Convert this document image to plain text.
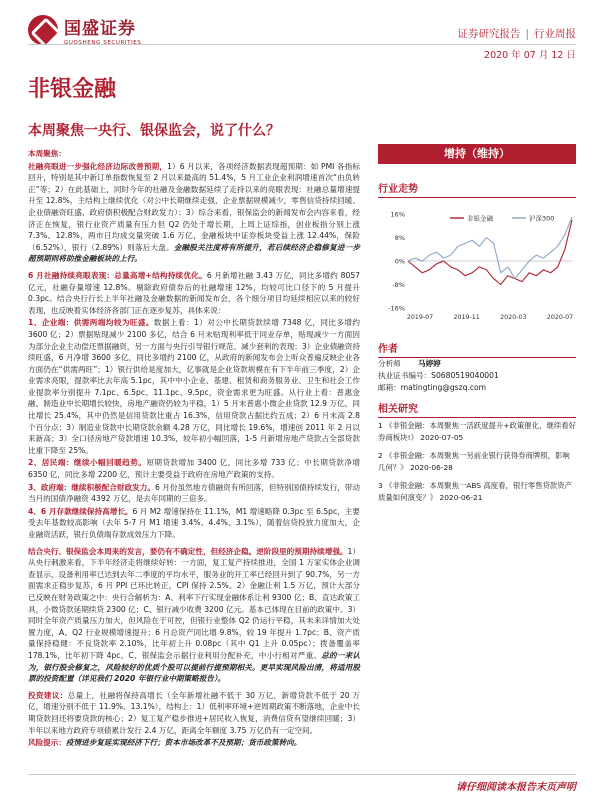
国盛证券
GUOSHENG SECURITIES
证券研究报告 | 行业周报
2020 年 07 月 12 日
非银金融
本周聚焦一央行、银保监会，说了什么？

本周聚焦：

社融亮眼进一步强化经济边际改善预期，1）6 月以来，各项经济数据表现超预期：如 PMI 各指标回升，特别是其中新订单指数恢复至 2 月以来最高的 51.4%，5 月工业企业利润增速首次“由负转正”等；2）在此基础上，同时今年的社融及金融数据延续了走持以来的亮眼表现：社融总量增速提升至 12.8%，主结构上继续优化（对公中长期继续走强、企业票据规模减少，零售信贷持续回暖、企业债融资旺盛、政府债积极配合财政发力）；3）综合来看，银保监会的新闻发布会内容来看，经济正在恢复，银行业资产质量有压力但 Q2 仍处于增长期，上周上证综指，创业板指分别上涨 7.3%、12.8%，两市日均成交量突破 1.6 万亿，金融板块中证券板块受益上涨 12.44%，保险（6.52%），银行（2.89%）则落后大盘。金融股关注度将有所提升，若后续经济企稳修复进一步超预期则将助推金融板块的上行。

6 月社融持续亮眼表现：总量高增+结构持续优化。6 月新增社融 3.43 万亿，同比多增约 8057 亿元，社融存量增速 12.8%。剔除政府债券后的社融增速 12%，均较可比口径下的 5 月提升 0.3pc。结合央行行长上半年社融及金融数据的新闻发布会，各个细分项目均延续相应以来的较好表现，也反映着实体经济各部门正在逐步复苏，具体来说：

1、企业端：供需两端均较为旺盛。数据上看：1）对公中长期贷款续增 7348 亿，同比多增约 3600 亿；2）票据贴现减少 2100 多亿，结合 6 月末贴现利率低于同业存单，贴现减少一方面因为部分企业主动偿还票据融资，另一方面与央行引导银行规范、减少套利的表现；3）企业债融资持续旺盛，6 月净增 3600 多亿，同比多增约 2100 亿，从政府的新闻发布会上听众普遍反映企业各方面仍在“供需两旺”；1）银行供给是度加大，亿事就是企业贷款规模在有下半年前三季度，2）企业需求亮眼，提款率比去年高 5.1pc，其中中小企业、基建、租赁和商务服务业、卫生和社会工作业提款率分别提升 7.1pc、6.5pc、11.1pc、9.5pc，资金需求更为旺盛。从行业上看：普惠金融、制造业中长期增长较快，房地产融资仍较为平稳，1）5 月末普惠小微企业贷款 12.9 万亿，同比增长 25.4%，其中仍然是信用贷款比重占 16.3%，信用贷款占据比约五成；2）6 月末高 2.8 个百分点；3）制造业贷款中长期贷款余额 4.28 万亿，同比增长 19.6%，增速创 2011 年 2 月以来新高；3）全口径房地产贷款增速 10.3%，较年初小幅回落，1-5 月新增房地产贷款占全部贷款比重下降至 25%。

2、居民端：继续小幅回暖趋势。短期贷款增加 3400 亿，同比多增 733 亿；中长期贷款净增 6350 亿，同比多增 2200 亿，预计主要受益于政府在房地产政策的支持。

3、政府端：继续积极配合财政发力。6 月份虽然地方债融资有所回落，但特别国债持续发行，带动当月的国债净融资 4392 万亿，是去年同期的三倍多。

4、6 月存款继续保持高增长。6 月 M2 增速保持在 11.1%，M1 增速略降 0.3pc 至 6.5pc，主要受去年基数较高影响（去年 5-7 月 M1 增速 3.4%、4.4%、3.1%），随着信贷投放力度加大，企业融资活跃，银行负债端存款成效压力下降。

结合央行、银保监会本周来的发言，要仍有不确定性，但经济企稳。逆阶段里的预期持续增强。1）从央行刺激来看，下半年经济走将继续好转：一方面，复工复产持续推进，全国 1 万家实体企业调查显示，设备利用率已达到去年二季度的平均水平，服务业的开工率已经回升到了 90.7%，另一方面需求正稳步复苏，6 月 PPI 已环比转正，CPI 保持 2.5%。2）金融让利 1.5 万亿，预计大部分已反映在财务政策之中：央行合解析为：A、利率下行实现金融体系让利 9300 亿；B、直达政策工具，小微贷款延期续贷 2300 亿；C、银行减少收费 3200 亿元。基本已体现在目前的政策中。3）同时全年资产质量压力加大，但风险在于可控，但银行业整体 Q2 仍运行平稳，其未来详情加大处置力度，A、Q2 行业规模增速提升；6 月总资产同比增 9.8%，较 19 年提升 1.7pc；B、资产质量保持稳健：不良贷款率 2.10%，比年初上升 0.08pc（其中 Q1 上升 0.05pc）；拨备覆盖率 178.1%，比年初下降 4pc。C、银保监会示据行业利用分配补充，中小行相对严重。总的一来认为，银行股会修复之，风险较好的优质个股可以提前行提预期相关。更早实现风险出清，将适用股票的投资配置（详见我们 2020 年银行业中期策略报告）。

投资建议：总量上，社融将保持高增长（全年新增社融不低于 30 万亿，新增贷款不低于 20 万亿，增速分别不低于 11.9%、13.1%），结构上：1）低利率环境+逆周期政策不断落地，企业中长期贷款回还将要贷款的核心；2）复工复产稳步推进+居民收入恢复，消费信贷有望继续回暖；3）半年以来地方政府专项债累计发行 2.4 万亿，距离全年额度 3.75 万亿仍有一定空间。

风险提示：疫情进步复延实现经济下行；资本市场改革不及预期；货币政策转向。

增持（维持）
行业走势
16%
8%
0%
-8%
-16%
2019-07	2019-11	2020-03	2020-07
非银金融	沪深300
作者
分析师 马婷婷
执业证书编号：S0680519040001
邮箱：matingting@gszq.com
相关研究
1 《非银金融：本周聚焦一活跃度提升+政策催化，继续看好券商板块!》 2020-07-05
2 《非银金融：本周聚焦一另前业银行获得券商牌照，影响几何？》 2020-06-28
3 《非银金融：本周聚焦一ABS 高度看，银行零售贷款资产质量如何演变？》 2020-06-21
请仔细阅读本报告末页声明
